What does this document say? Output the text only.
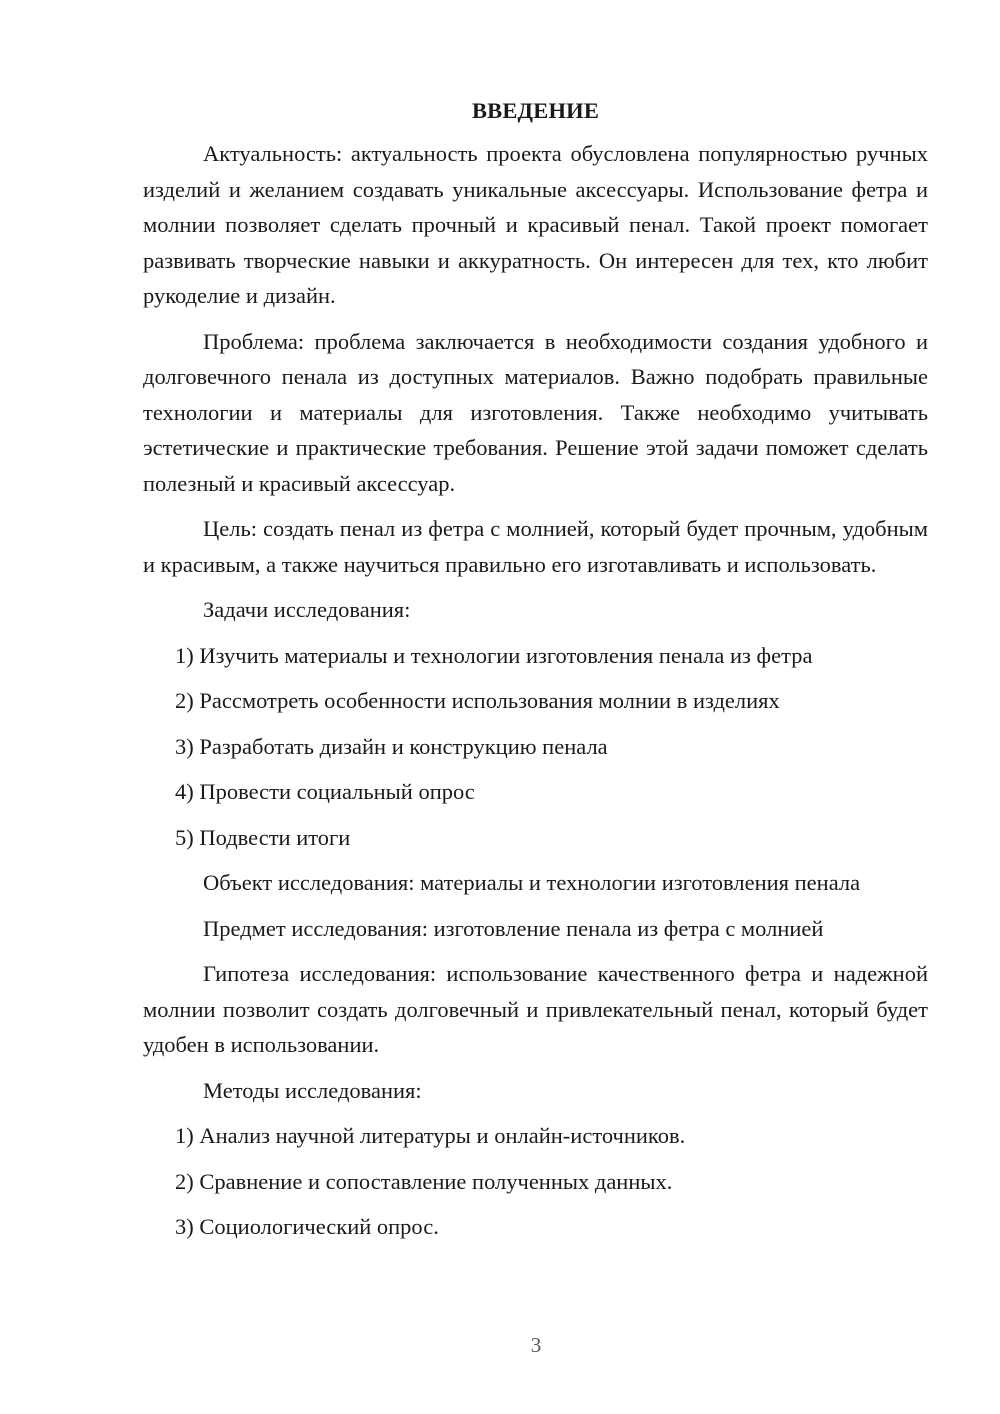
ВВЕДЕНИЕ

Актуальность: актуальность проекта обусловлена популярностью ручных изделий и желанием создавать уникальные аксессуары. Использование фетра и молнии позволяет сделать прочный и красивый пенал. Такой проект помогает развивать творческие навыки и аккуратность. Он интересен для тех, кто любит рукоделие и дизайн.

Проблема: проблема заключается в необходимости создания удобного и долговечного пенала из доступных материалов. Важно подобрать правильные технологии и материалы для изготовления. Также необходимо учитывать эстетические и практические требования. Решение этой задачи поможет сделать полезный и красивый аксессуар.

Цель: создать пенал из фетра с молнией, который будет прочным, удобным и красивым, а также научиться правильно его изготавливать и использовать.

Задачи исследования:

1) Изучить материалы и технологии изготовления пенала из фетра
2) Рассмотреть особенности использования молнии в изделиях
3) Разработать дизайн и конструкцию пенала
4) Провести социальный опрос
5) Подвести итоги

Объект исследования: материалы и технологии изготовления пенала

Предмет исследования: изготовление пенала из фетра с молнией

Гипотеза исследования: использование качественного фетра и надежной молнии позволит создать долговечный и привлекательный пенал, который будет удобен в использовании.

Методы исследования:

1) Анализ научной литературы и онлайн-источников.
2) Сравнение и сопоставление полученных данных.
3) Социологический опрос.
3
